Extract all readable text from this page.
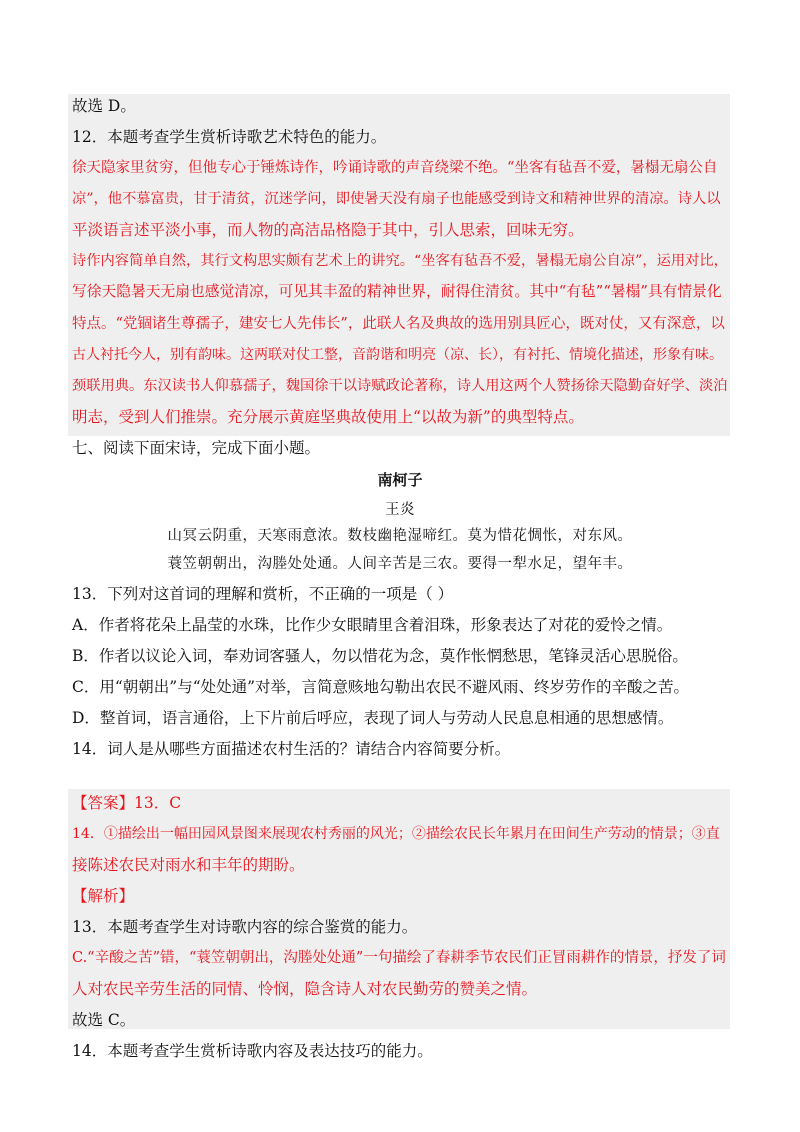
故选 D。
12．本题考查学生赏析诗歌艺术特色的能力。
徐天隐家里贫穷，但他专心于锤炼诗作，吟诵诗歌的声音绕梁不绝。“坐客有毡吾不爱，暑榻无扇公自
凉”，他不慕富贵，甘于清贫，沉迷学问，即使暑天没有扇子也能感受到诗文和精神世界的清凉。诗人以
平淡语言述平淡小事，而人物的高洁品格隐于其中，引人思索，回味无穷。
诗作内容简单自然，其行文构思实颇有艺术上的讲究。“坐客有毡吾不爱，暑榻无扇公自凉”，运用对比，
写徐天隐暑天无扇也感觉清凉，可见其丰盈的精神世界，耐得住清贫。其中“有毡”“暑榻”具有情景化
特点。“党锢诸生尊孺子，建安七人先伟长”，此联人名及典故的选用别具匠心，既对仗，又有深意，以
古人衬托今人，别有韵味。这两联对仗工整，音韵谐和明亮（凉、长），有衬托、情境化描述，形象有味。
颈联用典。东汉读书人仰慕孺子，魏国徐干以诗赋政论著称，诗人用这两个人赞扬徐天隐勤奋好学、淡泊
明志，受到人们推崇。充分展示黄庭坚典故使用上“以故为新”的典型特点。
七、阅读下面宋诗，完成下面小题。
南柯子
王炎
山冥云阴重，天寒雨意浓。数枝幽艳湿啼红。莫为惜花惆怅，对东风。
蓑笠朝朝出，沟塍处处通。人间辛苦是三农。要得一犁水足，望年丰。
13．下列对这首词的理解和赏析，不正确的一项是（ ）
A．作者将花朵上晶莹的水珠，比作少女眼睛里含着泪珠，形象表达了对花的爱怜之情。
B．作者以议论入词，奉劝词客骚人，勿以惜花为念，莫作怅惘愁思，笔锋灵活心思脱俗。
C．用“朝朝出”与“处处通”对举，言简意赅地勾勒出农民不避风雨、终岁劳作的辛酸之苦。
D．整首词，语言通俗，上下片前后呼应，表现了词人与劳动人民息息相通的思想感情。
14．词人是从哪些方面描述农村生活的？请结合内容简要分析。
【答案】13．C
14．①描绘出一幅田园风景图来展现农村秀丽的风光；②描绘农民长年累月在田间生产劳动的情景；③直
接陈述农民对雨水和丰年的期盼。
【解析】
13．本题考查学生对诗歌内容的综合鉴赏的能力。
C.“辛酸之苦”错，“蓑笠朝朝出，沟塍处处通”一句描绘了春耕季节农民们正冒雨耕作的情景，抒发了词
人对农民辛劳生活的同情、怜悯，隐含诗人对农民勤劳的赞美之情。
故选 C。
14．本题考查学生赏析诗歌内容及表达技巧的能力。
